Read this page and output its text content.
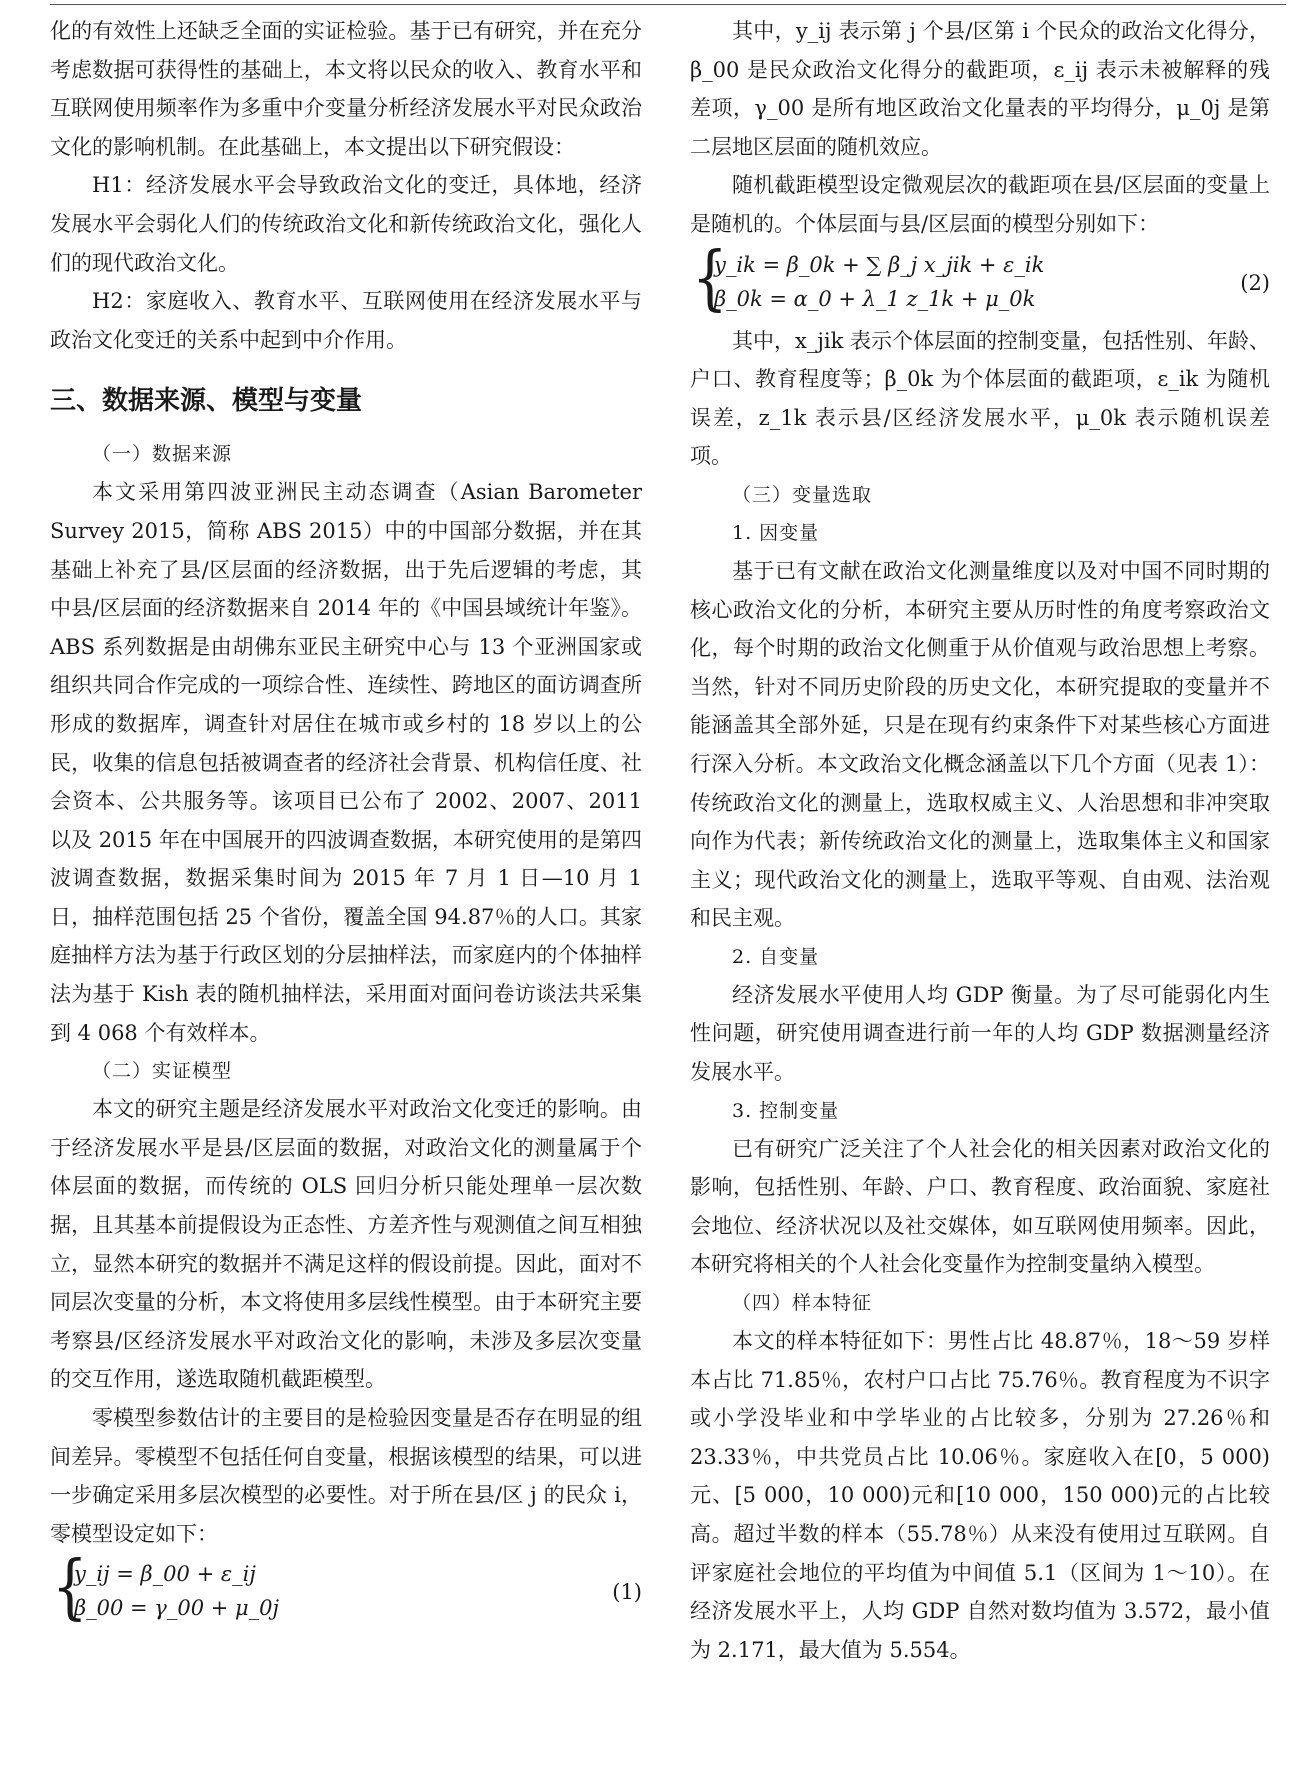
化的有效性上还缺乏全面的实证检验。基于已有研究，并在充分考虑数据可获得性的基础上，本文将以民众的收入、教育水平和互联网使用频率作为多重中介变量分析经济发展水平对民众政治文化的影响机制。在此基础上，本文提出以下研究假设：

H1：经济发展水平会导致政治文化的变迁，具体地，经济发展水平会弱化人们的传统政治文化和新传统政治文化，强化人们的现代政治文化。

H2：家庭收入、教育水平、互联网使用在经济发展水平与政治文化变迁的关系中起到中介作用。

三、数据来源、模型与变量
（一）数据来源

本文采用第四波亚洲民主动态调查（Asian Barometer Survey 2015，简称 ABS 2015）中的中国部分数据，并在其基础上补充了县/区层面的经济数据，出于先后逻辑的考虑，其中县/区层面的经济数据来自 2014 年的《中国县域统计年鉴》。ABS 系列数据是由胡佛东亚民主研究中心与 13 个亚洲国家或组织共同合作完成的一项综合性、连续性、跨地区的面访调查所形成的数据库，调查针对居住在城市或乡村的 18 岁以上的公民，收集的信息包括被调查者的经济社会背景、机构信任度、社会资本、公共服务等。该项目已公布了 2002、2007、2011 以及 2015 年在中国展开的四波调查数据，本研究使用的是第四波调查数据，数据采集时间为 2015 年 7 月 1 日—10 月 1 日，抽样范围包括 25 个省份，覆盖全国 94.87％的人口。其家庭抽样方法为基于行政区划的分层抽样法，而家庭内的个体抽样法为基于 Kish 表的随机抽样法，采用面对面问卷访谈法共采集到 4 068 个有效样本。

（二）实证模型

本文的研究主题是经济发展水平对政治文化变迁的影响。由于经济发展水平是县/区层面的数据，对政治文化的测量属于个体层面的数据，而传统的 OLS 回归分析只能处理单一层次数据，且其基本前提假设为正态性、方差齐性与观测值之间互相独立，显然本研究的数据并不满足这样的假设前提。因此，面对不同层次变量的分析，本文将使用多层线性模型。由于本研究主要考察县/区经济发展水平对政治文化的影响，未涉及多层次变量的交互作用，遂选取随机截距模型。

零模型参数估计的主要目的是检验因变量是否存在明显的组间差异。零模型不包括任何自变量，根据该模型的结果，可以进一步确定采用多层次模型的必要性。对于所在县/区 j 的民众 i，零模型设定如下：

{
y_ij = β_00 + ε_ij
β_00 = γ_00 + μ_0j
(1)

其中，y_ij 表示第 j 个县/区第 i 个民众的政治文化得分，β_00 是民众政治文化得分的截距项，ε_ij 表示未被解释的残差项，γ_00 是所有地区政治文化量表的平均得分，μ_0j 是第二层地区层面的随机效应。

随机截距模型设定微观层次的截距项在县/区层面的变量上是随机的。个体层面与县/区层面的模型分别如下：

{
y_ik = β_0k + ∑ β_j x_jik + ε_ik
β_0k = α_0 + λ_1 z_1k + μ_0k
(2)

其中，x_jik 表示个体层面的控制变量，包括性别、年龄、户口、教育程度等；β_0k 为个体层面的截距项，ε_ik 为随机误差，z_1k 表示县/区经济发展水平，μ_0k 表示随机误差项。

（三）变量选取
1. 因变量

基于已有文献在政治文化测量维度以及对中国不同时期的核心政治文化的分析，本研究主要从历时性的角度考察政治文化，每个时期的政治文化侧重于从价值观与政治思想上考察。当然，针对不同历史阶段的历史文化，本研究提取的变量并不能涵盖其全部外延，只是在现有约束条件下对某些核心方面进行深入分析。本文政治文化概念涵盖以下几个方面（见表 1）：传统政治文化的测量上，选取权威主义、人治思想和非冲突取向作为代表；新传统政治文化的测量上，选取集体主义和国家主义；现代政治文化的测量上，选取平等观、自由观、法治观和民主观。

2. 自变量

经济发展水平使用人均 GDP 衡量。为了尽可能弱化内生性问题，研究使用调查进行前一年的人均 GDP 数据测量经济发展水平。

3. 控制变量

已有研究广泛关注了个人社会化的相关因素对政治文化的影响，包括性别、年龄、户口、教育程度、政治面貌、家庭社会地位、经济状况以及社交媒体，如互联网使用频率。因此，本研究将相关的个人社会化变量作为控制变量纳入模型。

（四）样本特征

本文的样本特征如下：男性占比 48.87％，18～59 岁样本占比 71.85％，农村户口占比 75.76％。教育程度为不识字或小学没毕业和中学毕业的占比较多，分别为 27.26％和 23.33％，中共党员占比 10.06％。家庭收入在[0，5 000)元、[5 000，10 000)元和[10 000，150 000)元的占比较高。超过半数的样本（55.78％）从来没有使用过互联网。自评家庭社会地位的平均值为中间值 5.1（区间为 1～10）。在经济发展水平上，人均 GDP 自然对数均值为 3.572，最小值为 2.171，最大值为 5.554。
